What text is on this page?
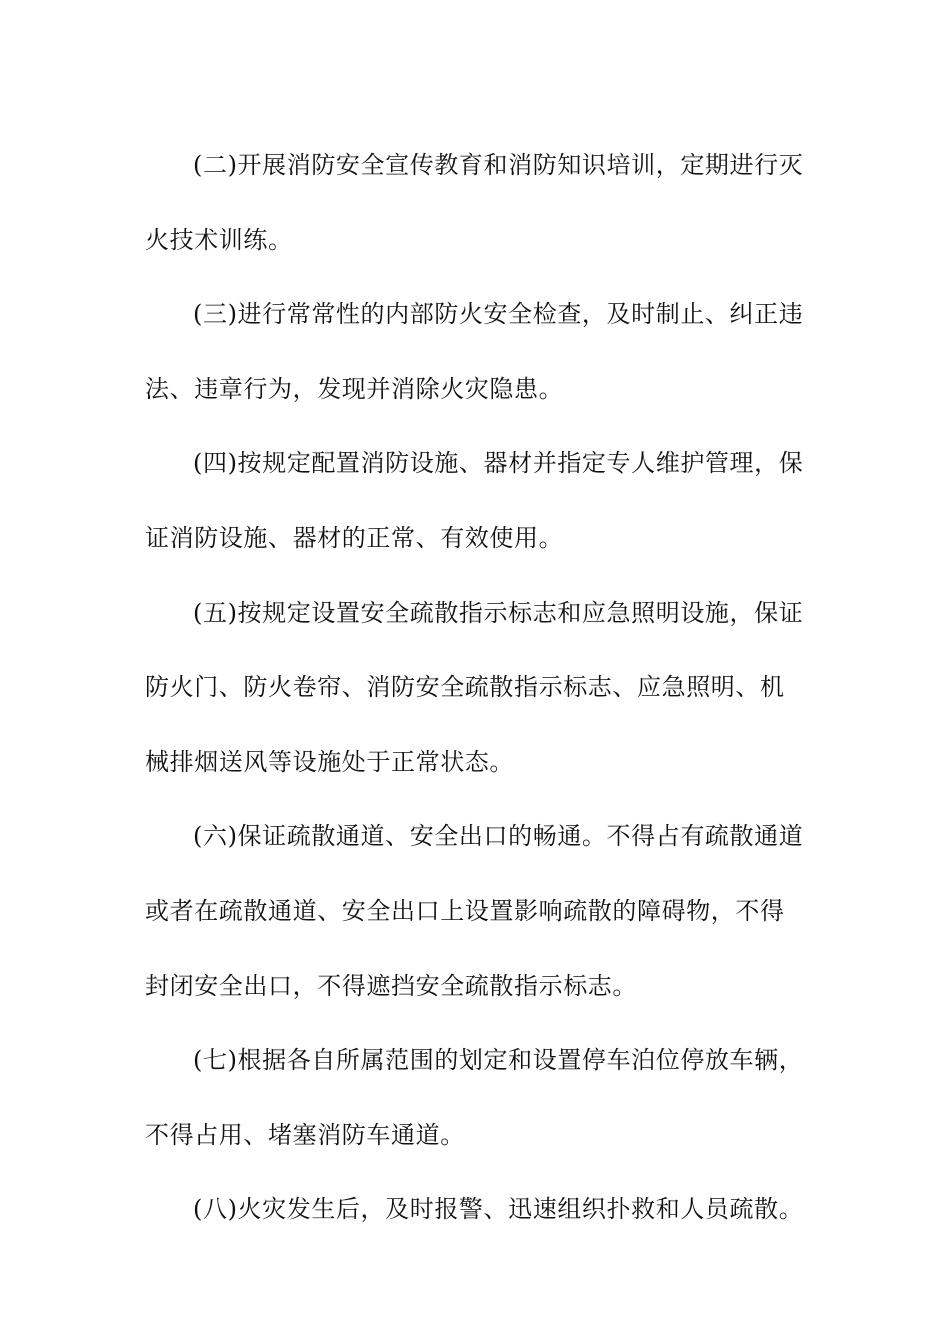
(二)开展消防安全宣传教育和消防知识培训，定期进行灭火技术训练。

(三)进行常常性的内部防火安全检查，及时制止、纠正违法、违章行为，发现并消除火灾隐患。

(四)按规定配置消防设施、器材并指定专人维护管理，保证消防设施、器材的正常、有效使用。

(五)按规定设置安全疏散指示标志和应急照明设施，保证防火门、防火卷帘、消防安全疏散指示标志、应急照明、机械排烟送风等设施处于正常状态。

(六)保证疏散通道、安全出口的畅通。不得占有疏散通道或者在疏散通道、安全出口上设置影响疏散的障碍物，不得封闭安全出口，不得遮挡安全疏散指示标志。

(七)根据各自所属范围的划定和设置停车泊位停放车辆，不得占用、堵塞消防车通道。

(八)火灾发生后，及时报警、迅速组织扑救和人员疏散。
